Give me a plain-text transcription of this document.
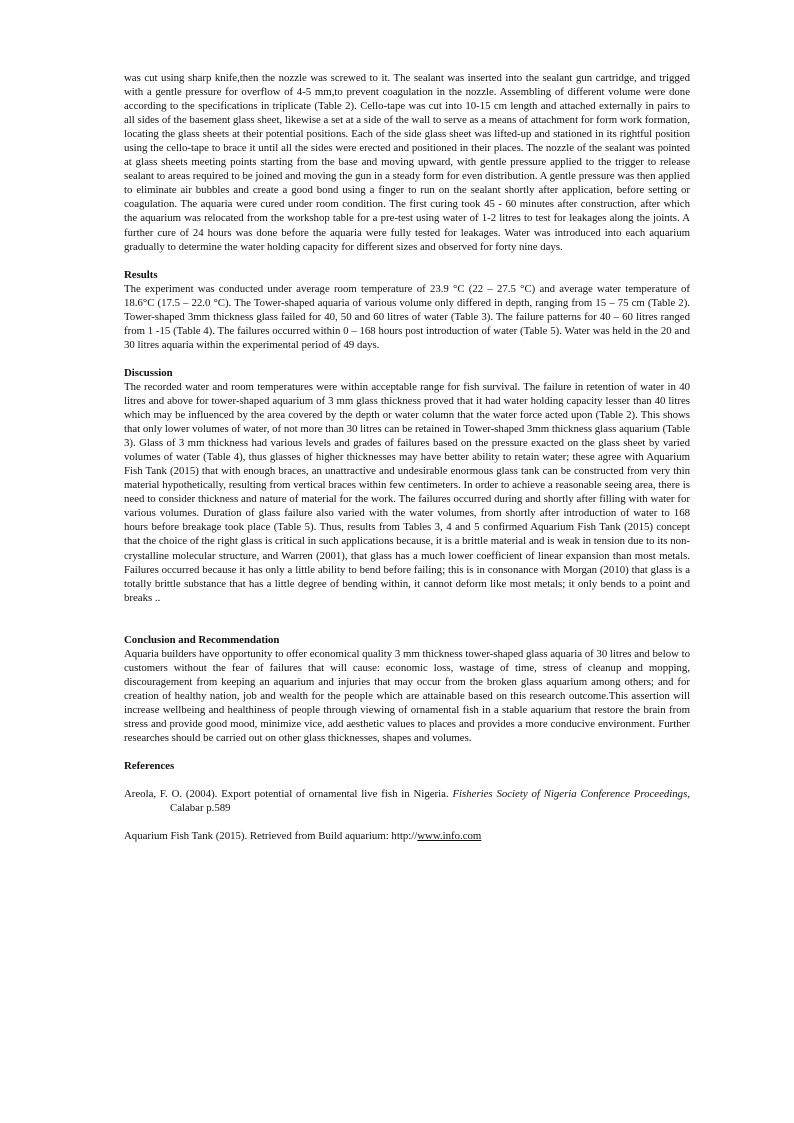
was cut using sharp knife,then the nozzle was screwed to it. The sealant was inserted into the sealant gun cartridge, and trigged with a gentle pressure for overflow of 4-5 mm,to prevent coagulation in the nozzle. Assembling of different volume were done according to the specifications in triplicate (Table 2). Cello-tape was cut into 10-15 cm length and attached externally in pairs to all sides of the basement glass sheet, likewise a set at a side of the wall to serve as a means of attachment for form work formation, locating the glass sheets at their potential positions. Each of the side glass sheet was lifted-up and stationed in its rightful position using the cello-tape to brace it until all the sides were erected and positioned in their places. The nozzle of the sealant was pointed at glass sheets meeting points starting from the base and moving upward, with gentle pressure applied to the trigger to release sealant to areas required to be joined and moving the gun in a steady form for even distribution. A gentle pressure was then applied to eliminate air bubbles and create a good bond using a finger to run on the sealant shortly after application, before setting or coagulation. The aquaria were cured under room condition. The first curing took 45 - 60 minutes after construction, after which the aquarium was relocated from the workshop table for a pre-test using water of 1-2 litres to test for leakages along the joints. A further cure of 24 hours was done before the aquaria were fully tested for leakages. Water was introduced into each aquarium gradually to determine the water holding capacity for different sizes and observed for forty nine days.

Results

The experiment was conducted under average room temperature of 23.9 °C (22 – 27.5 °C) and average water temperature of 18.6°C (17.5 – 22.0 °C). The Tower-shaped aquaria of various volume only differed in depth, ranging from 15 – 75 cm (Table 2). Tower-shaped 3mm thickness glass failed for 40, 50 and 60 litres of water (Table 3). The failure patterns for 40 – 60 litres ranged from 1 -15 (Table 4). The failures occurred within 0 – 168 hours post introduction of water (Table 5). Water was held in the 20 and 30 litres aquaria within the experimental period of 49 days.

Discussion

The recorded water and room temperatures were within acceptable range for fish survival. The failure in retention of water in 40 litres and above for tower-shaped aquarium of 3 mm glass thickness proved that it had water holding capacity lesser than 40 litres which may be influenced by the area covered by the depth or water column that the water force acted upon (Table 2). This shows that only lower volumes of water, of not more than 30 litres can be retained in Tower-shaped 3mm thickness glass aquarium (Table 3). Glass of 3 mm thickness had various levels and grades of failures based on the pressure exacted on the glass sheet by varied volumes of water (Table 4), thus glasses of higher thicknesses may have better ability to retain water; these agree with Aquarium Fish Tank (2015) that with enough braces, an unattractive and undesirable enormous glass tank can be constructed from very thin material hypothetically, resulting from vertical braces within few centimeters. In order to achieve a reasonable seeing area, there is need to consider thickness and nature of material for the work. The failures occurred during and shortly after filling with water for various volumes. Duration of glass failure also varied with the water volumes, from shortly after introduction of water to 168 hours before breakage took place (Table 5). Thus, results from Tables 3, 4 and 5 confirmed Aquarium Fish Tank (2015) concept that the choice of the right glass is critical in such applications because, it is a brittle material and is weak in tension due to its non-crystalline molecular structure, and Warren (2001), that glass has a much lower coefficient of linear expansion than most metals. Failures occurred because it has only a little ability to bend before failing; this is in consonance with Morgan (2010) that glass is a totally brittle substance that has a little degree of bending within, it cannot deform like most metals; it only bends to a point and breaks ..

Conclusion and Recommendation

Aquaria builders have opportunity to offer economical quality 3 mm thickness tower-shaped glass aquaria of 30 litres and below to customers without the fear of failures that will cause: economic loss, wastage of time, stress of cleanup and mopping, discouragement from keeping an aquarium and injuries that may occur from the broken glass aquarium among others; and for creation of healthy nation, job and wealth for the people which are attainable based on this research outcome.This assertion will increase wellbeing and healthiness of people through viewing of ornamental fish in a stable aquarium that restore the brain from stress and provide good mood, minimize vice, add aesthetic values to places and provides a more conducive environment. Further researches should be carried out on other glass thicknesses, shapes and volumes.

References

Areola, F. O. (2004). Export potential of ornamental live fish in Nigeria. Fisheries Society of Nigeria Conference Proceedings, Calabar p.589

Aquarium Fish Tank (2015). Retrieved from Build aquarium: http://www.info.com
